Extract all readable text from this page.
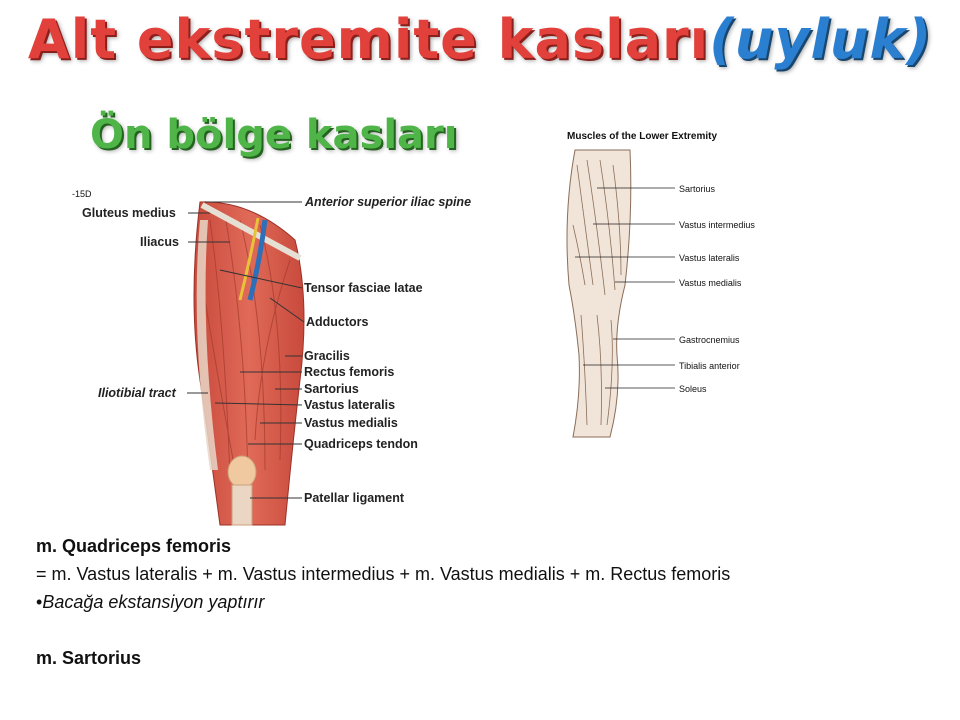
Alt ekstremite kasları(uyluk)
Ön bölge kasları
-15D
Gluteus medius
Iliacus
Iliotibial tract
Anterior superior iliac spine
Tensor fasciae latae
Adductors
Gracilis
Rectus femoris
Sartorius
Vastus lateralis
Vastus medialis
Quadriceps tendon
Patellar ligament
Muscles of the Lower Extremity
Sartorius
Vastus intermedius
Vastus lateralis
Vastus medialis
Gastrocnemius
Tibialis anterior
Soleus
m. Quadriceps femoris
= m. Vastus lateralis + m. Vastus intermedius + m. Vastus medialis + m. Rectus femoris
•Bacağa ekstansiyon yaptırır
m. Sartorius
